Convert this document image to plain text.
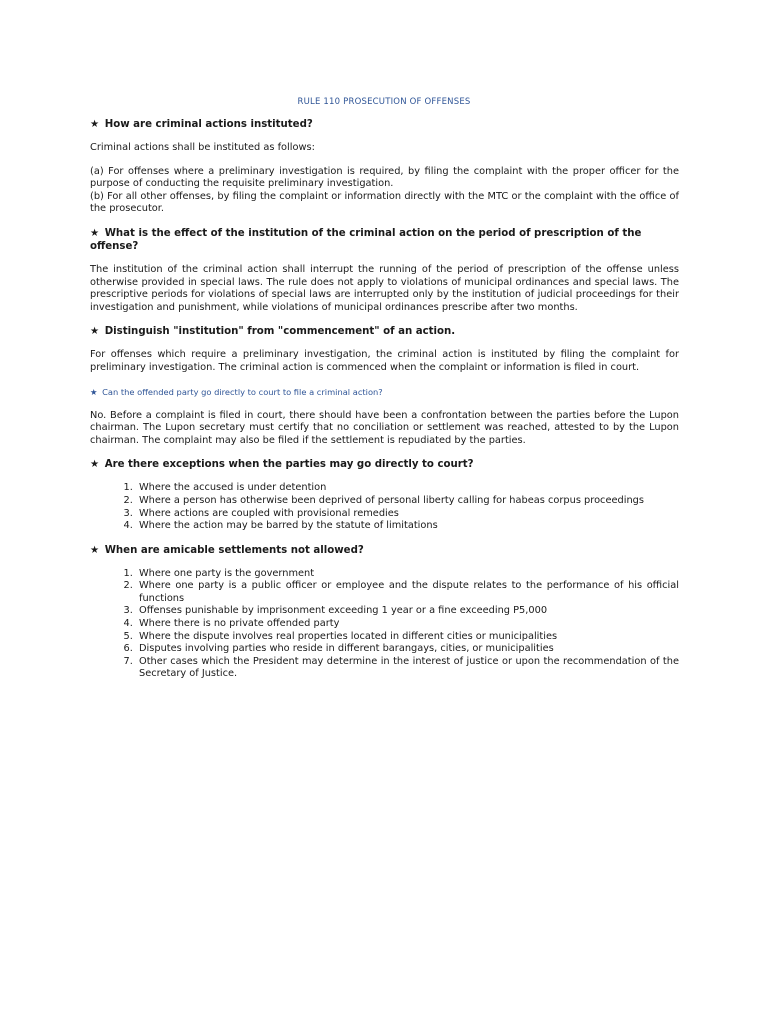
RULE 110 PROSECUTION OF OFFENSES
★ How are criminal actions instituted?
Criminal actions shall be instituted as follows:
(a) For offenses where a preliminary investigation is required, by filing the complaint with the proper officer for the purpose of conducting the requisite preliminary investigation.
(b) For all other offenses, by filing the complaint or information directly with the MTC or the complaint with the office of the prosecutor.
★ What is the effect of the institution of the criminal action on the period of prescription of the offense?
The institution of the criminal action shall interrupt the running of the period of prescription of the offense unless otherwise provided in special laws. The rule does not apply to violations of municipal ordinances and special laws. The prescriptive periods for violations of special laws are interrupted only by the institution of judicial proceedings for their investigation and punishment, while violations of municipal ordinances prescribe after two months.
★ Distinguish "institution" from "commencement" of an action.
For offenses which require a preliminary investigation, the criminal action is instituted by filing the complaint for preliminary investigation. The criminal action is commenced when the complaint or information is filed in court.
★ Can the offended party go directly to court to file a criminal action?
No. Before a complaint is filed in court, there should have been a confrontation between the parties before the Lupon chairman. The Lupon secretary must certify that no conciliation or settlement was reached, attested to by the Lupon chairman. The complaint may also be filed if the settlement is repudiated by the parties.
★ Are there exceptions when the parties may go directly to court?
1. Where the accused is under detention
2. Where a person has otherwise been deprived of personal liberty calling for habeas corpus proceedings
3. Where actions are coupled with provisional remedies
4. Where the action may be barred by the statute of limitations
★ When are amicable settlements not allowed?
1. Where one party is the government
2. Where one party is a public officer or employee and the dispute relates to the performance of his official functions
3. Offenses punishable by imprisonment exceeding 1 year or a fine exceeding P5,000
4. Where there is no private offended party
5. Where the dispute involves real properties located in different cities or municipalities
6. Disputes involving parties who reside in different barangays, cities, or municipalities
7. Other cases which the President may determine in the interest of justice or upon the recommendation of the Secretary of Justice.
